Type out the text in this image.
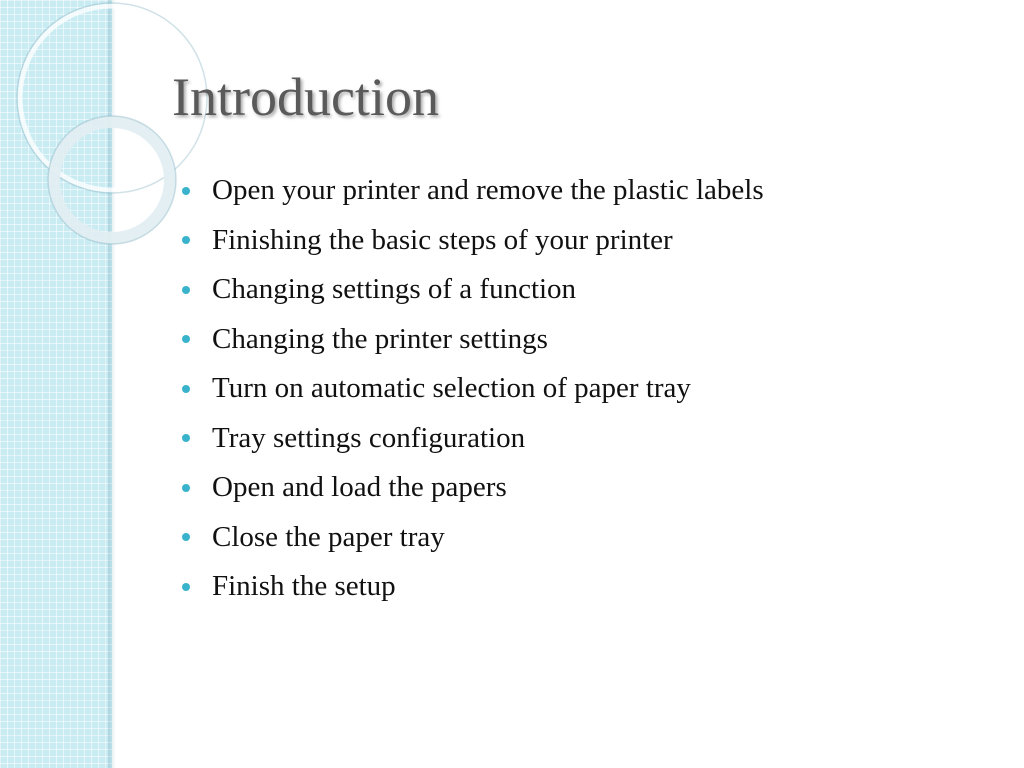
Introduction
Open your printer and remove the plastic labels
Finishing the basic steps of your printer
Changing settings of a function
Changing the printer settings
Turn on automatic selection of paper tray
Tray settings configuration
Open and load the papers
Close the paper tray
Finish the setup
